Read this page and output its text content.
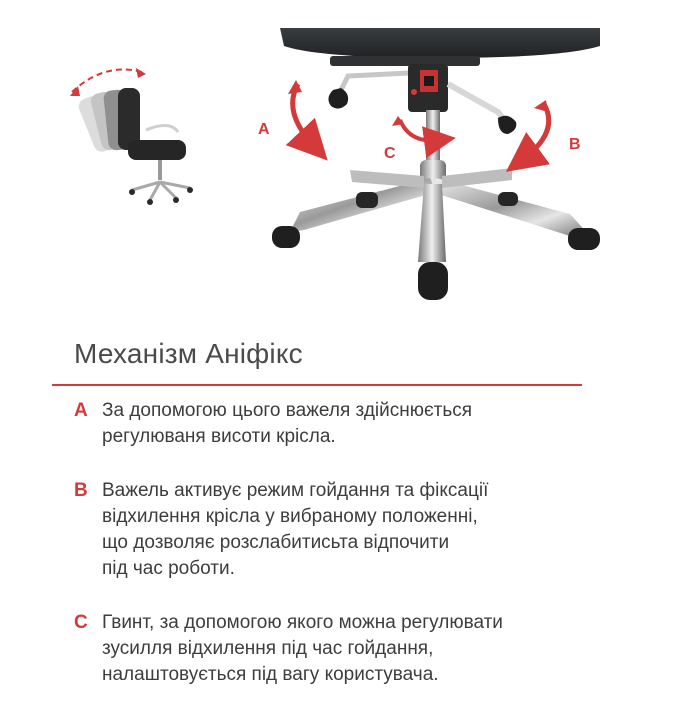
A
B
C
Механізм Аніфікс
A За допомогою цього важеля здійснюється
регулюваня висоти крісла.
B Важель активує режим гойдання та фіксації
відхилення крісла у вибраному положенні,
що дозволяє розслабитисьта відпочити
під час роботи.
C Гвинт, за допомогою якого можна регулювати
зусилля відхилення під час гойдання,
налаштовується під вагу користувача.
